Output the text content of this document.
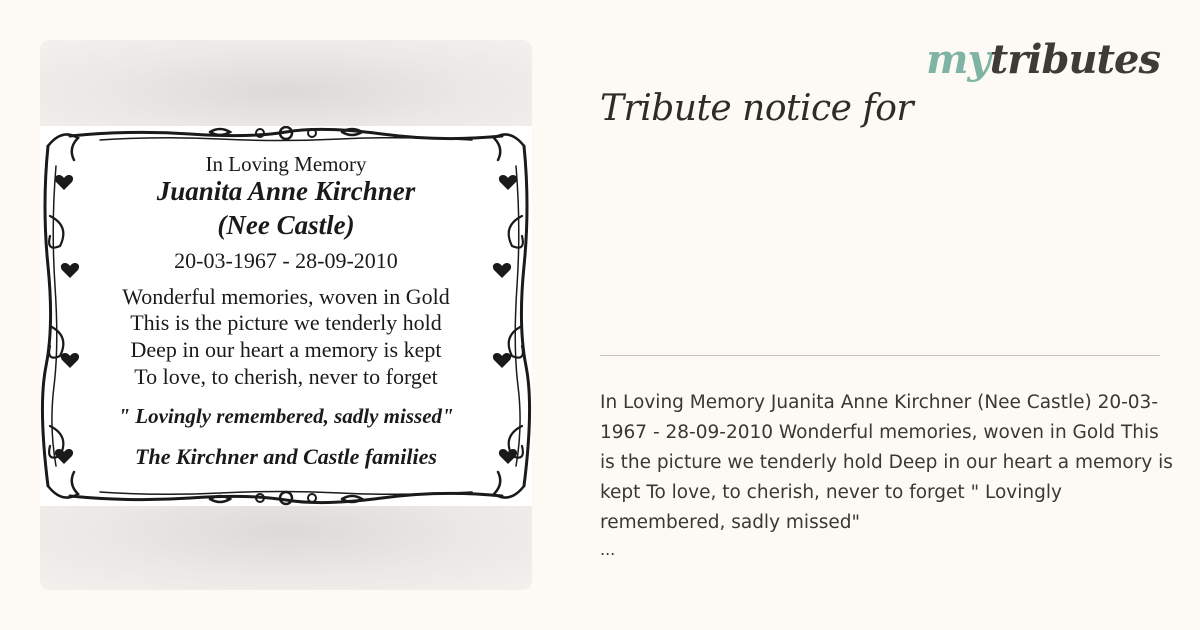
In Loving Memory
Juanita Anne Kirchner
(Nee Castle)
20-03-1967 - 28-09-2010
Wonderful memories, woven in Gold
This is the picture we tenderly hold
Deep in our heart a memory is kept
To love, to cherish, never to forget
" Lovingly remembered, sadly missed"
The Kirchner and Castle families
mytributes
Tribute notice for

In Loving Memory Juanita Anne Kirchner (Nee Castle) 20-03-1967 - 28-09-2010 Wonderful memories, woven in Gold This is the picture we tenderly hold Deep in our heart a memory is kept To love, to cherish, never to forget " Lovingly remembered, sadly missed"

...
